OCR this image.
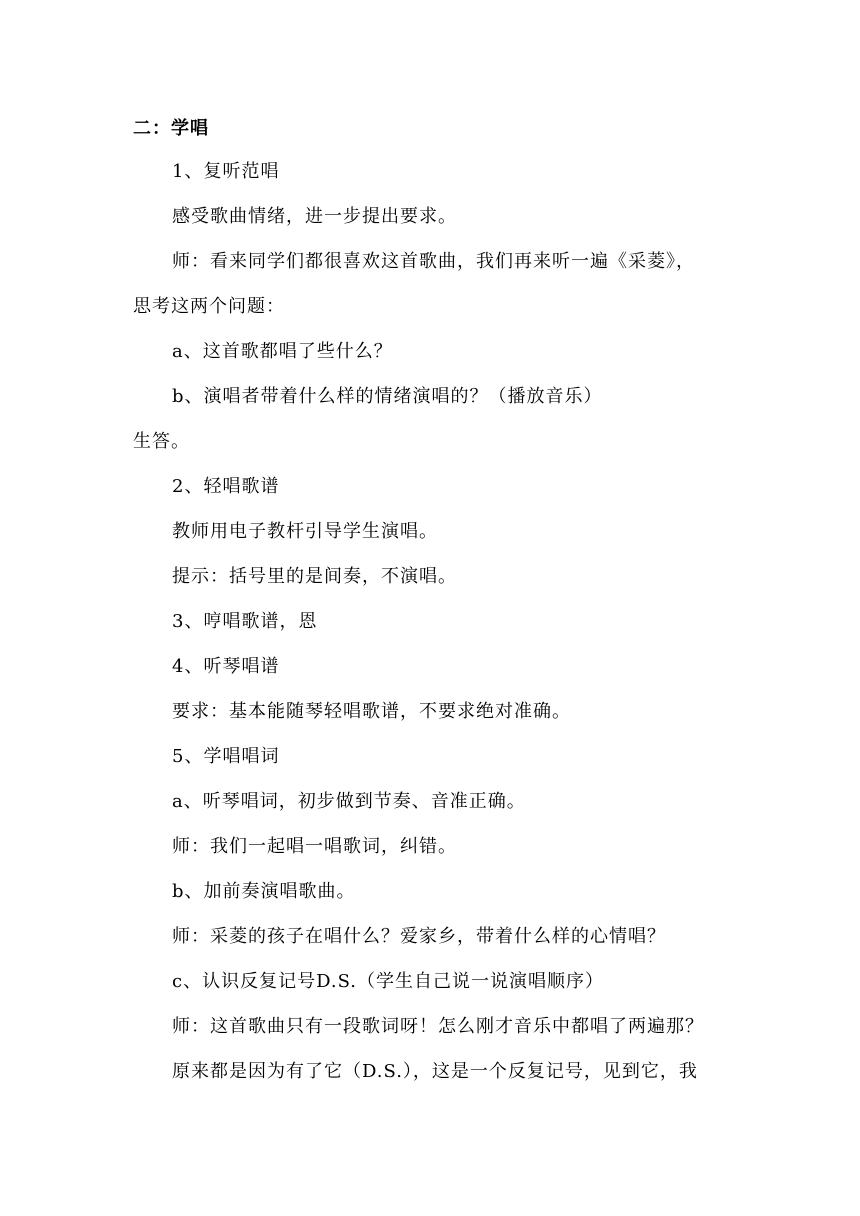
二：学唱
1、复听范唱
感受歌曲情绪，进一步提出要求。
师：看来同学们都很喜欢这首歌曲，我们再来听一遍《采菱》，
思考这两个问题：
a、这首歌都唱了些什么？
b、演唱者带着什么样的情绪演唱的？（播放音乐）
生答。
2、轻唱歌谱
教师用电子教杆引导学生演唱。
提示：括号里的是间奏，不演唱。
3、哼唱歌谱，恩
4、听琴唱谱
要求：基本能随琴轻唱歌谱，不要求绝对准确。
5、学唱唱词
a、听琴唱词，初步做到节奏、音准正确。
师：我们一起唱一唱歌词，纠错。
b、加前奏演唱歌曲。
师：采菱的孩子在唱什么？爱家乡，带着什么样的心情唱？
c、认识反复记号D.S.（学生自己说一说演唱顺序）
师：这首歌曲只有一段歌词呀！怎么刚才音乐中都唱了两遍那？
原来都是因为有了它（D.S.），这是一个反复记号，见到它，我
